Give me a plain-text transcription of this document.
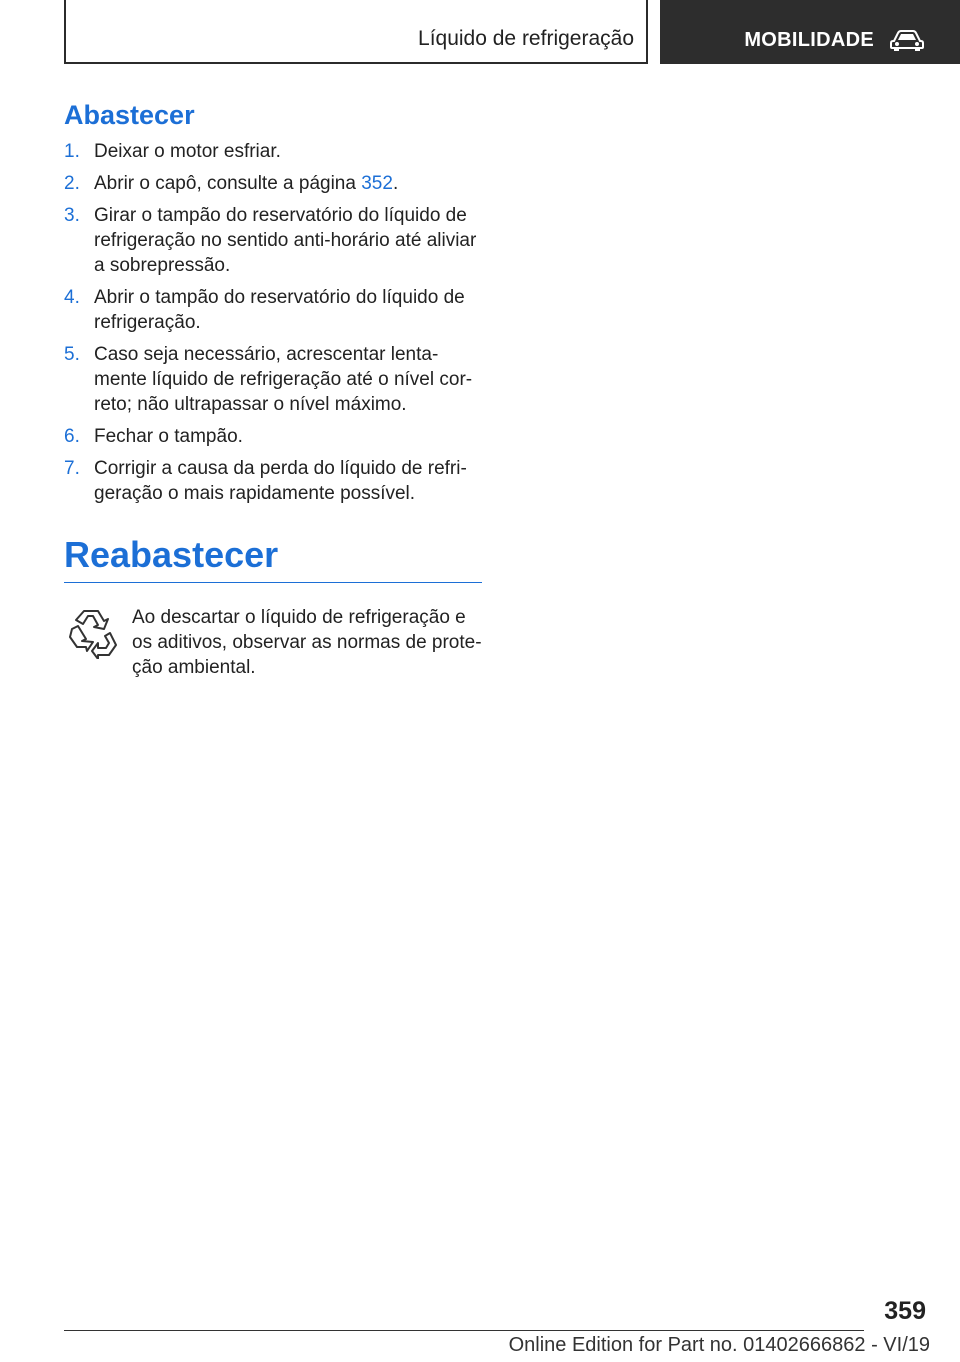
Líquido de refrigeração	MOBILIDADE
Abastecer
1. Deixar o motor esfriar.
2. Abrir o capô, consulte a página 352.
3. Girar o tampão do reservatório do líquido de refrigeração no sentido anti-horário até aliviar a sobrepressão.
4. Abrir o tampão do reservatório do líquido de refrigeração.
5. Caso seja necessário, acrescentar lenta-mente líquido de refrigeração até o nível cor-reto; não ultrapassar o nível máximo.
6. Fechar o tampão.
7. Corrigir a causa da perda do líquido de refri-geração o mais rapidamente possível.
Reabastecer

Ao descartar o líquido de refrigeração e os aditivos, observar as normas de prote-ção ambiental.

359
Online Edition for Part no. 01402666862 - VI/19
